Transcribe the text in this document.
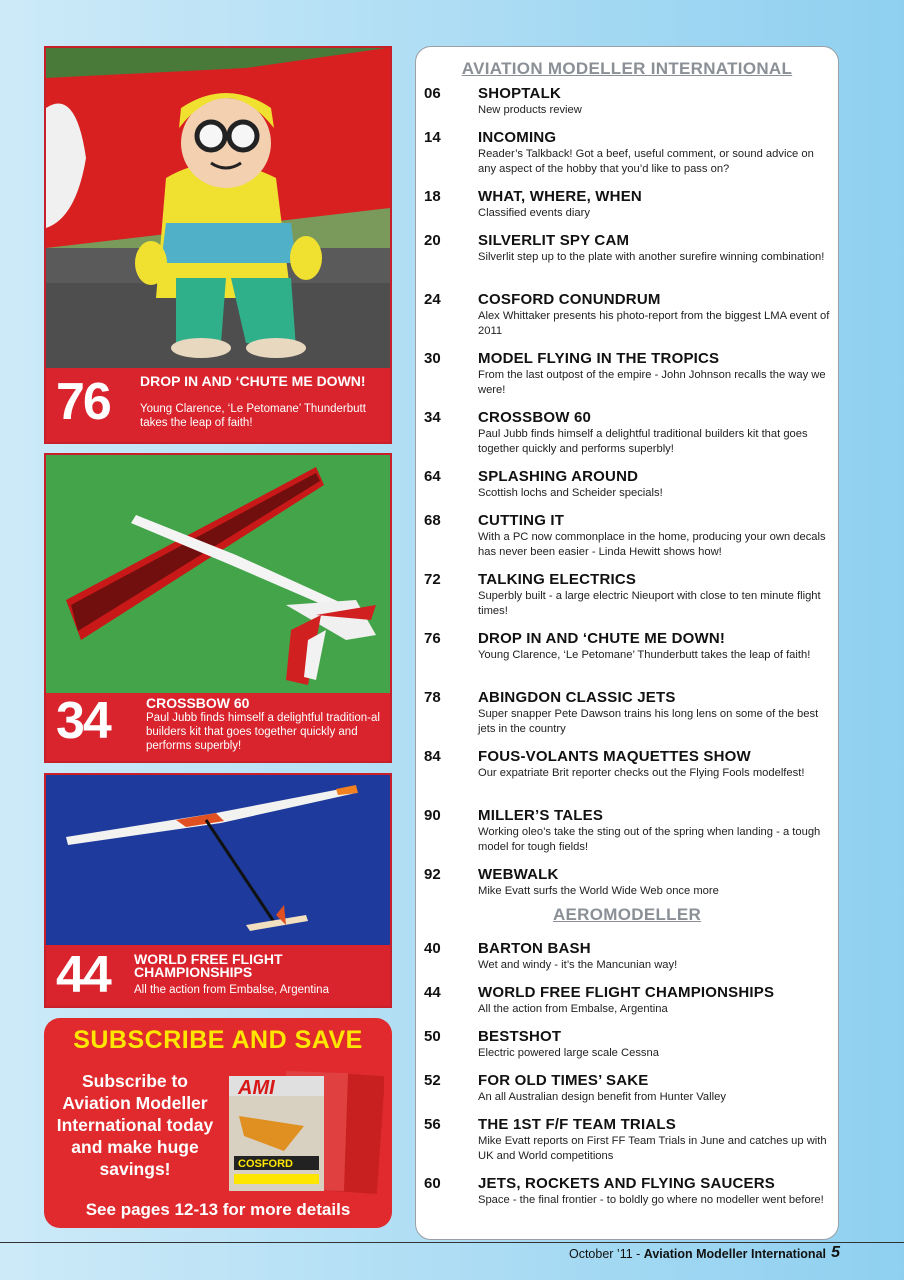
76 DROP IN AND ‘CHUTE ME DOWN!
Young Clarence, ‘Le Petomane’ Thunderbutt takes the leap of faith!
34	CROSSBOW 60
Paul Jubb finds himself a delightful tradition-al builders kit that goes together quickly and performs superbly!
44 WORLD FREE FLIGHT CHAMPIONSHIPS
All the action from Embalse, Argentina
SUBSCRIBE AND SAVE
Subscribe to Aviation Modeller International today and make huge savings!
AMI
COSFORD
See pages 12-13 for more details
AVIATION MODELLER INTERNATIONAL
06 SHOPTALK
New products review
14 INCOMING
Reader’s Talkback! Got a beef, useful comment, or sound advice on any aspect of the hobby that you’d like to pass on?
18 WHAT, WHERE, WHEN
Classified events diary
20 SILVERLIT SPY CAM
Silverlit step up to the plate with another surefire winning combination!
24 COSFORD CONUNDRUM
Alex Whittaker presents his photo-report from the biggest LMA event of 2011
30 MODEL FLYING IN THE TROPICS
From the last outpost of the empire - John Johnson recalls the way we were!
34 CROSSBOW 60
Paul Jubb finds himself a delightful traditional builders kit that goes together quickly and performs superbly!
64 SPLASHING AROUND
Scottish lochs and Scheider specials!
68 CUTTING IT
With a PC now commonplace in the home, producing your own decals has never been easier - Linda Hewitt shows how!
72 TALKING ELECTRICS
Superbly built - a large electric Nieuport with close to ten minute flight times!
76 DROP IN AND ‘CHUTE ME DOWN!
Young Clarence, ‘Le Petomane’ Thunderbutt takes the leap of faith!
78 ABINGDON CLASSIC JETS
Super snapper Pete Dawson trains his long lens on some of the best jets in the country
84 FOUS-VOLANTS MAQUETTES SHOW
Our expatriate Brit reporter checks out the Flying Fools modelfest!
90 MILLER’S TALES
Working oleo’s take the sting out of the spring when landing - a tough model for tough fields!
92 WEBWALK
Mike Evatt surfs the World Wide Web once more
AEROMODELLER
40 BARTON BASH
Wet and windy - it’s the Mancunian way!
44 WORLD FREE FLIGHT CHAMPIONSHIPS
All the action from Embalse, Argentina
50 BESTSHOT
Electric powered large scale Cessna
52 FOR OLD TIMES’ SAKE
An all Australian design benefit from Hunter Valley
56 THE 1ST F/F TEAM TRIALS
Mike Evatt reports on First FF Team Trials in June and catches up with UK and World competitions
60 JETS, ROCKETS AND FLYING SAUCERS
Space - the final frontier - to boldly go where no modeller went before!
October ’11 - Aviation Modeller International 5
